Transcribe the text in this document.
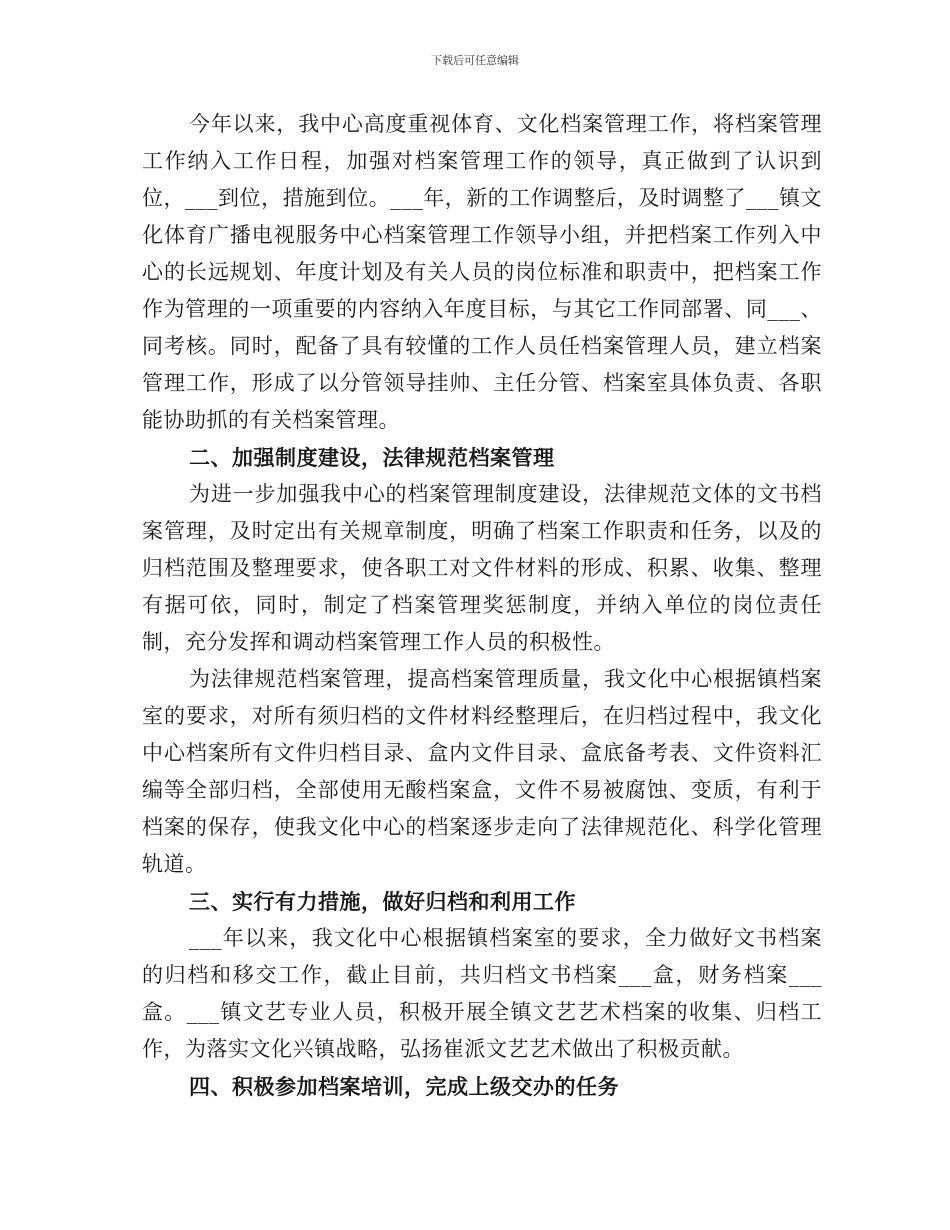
下载后可任意编辑

今年以来，我中心高度重视体育、文化档案管理工作，将档案管理工作纳入工作日程，加强对档案管理工作的领导，真正做到了认识到位，___到位，措施到位。___年，新的工作调整后，及时调整了___镇文化体育广播电视服务中心档案管理工作领导小组，并把档案工作列入中心的长远规划、年度计划及有关人员的岗位标准和职责中，把档案工作作为管理的一项重要的内容纳入年度目标，与其它工作同部署、同___、同考核。同时，配备了具有较懂的工作人员任档案管理人员，建立档案管理工作，形成了以分管领导挂帅、主任分管、档案室具体负责、各职能协助抓的有关档案管理。

二、加强制度建设，法律规范档案管理

为进一步加强我中心的档案管理制度建设，法律规范文体的文书档案管理，及时定出有关规章制度，明确了档案工作职责和任务，以及的归档范围及整理要求，使各职工对文件材料的形成、积累、收集、整理有据可依，同时，制定了档案管理奖惩制度，并纳入单位的岗位责任制，充分发挥和调动档案管理工作人员的积极性。

为法律规范档案管理，提高档案管理质量，我文化中心根据镇档案室的要求，对所有须归档的文件材料经整理后，在归档过程中，我文化中心档案所有文件归档目录、盒内文件目录、盒底备考表、文件资料汇编等全部归档，全部使用无酸档案盒，文件不易被腐蚀、变质，有利于档案的保存，使我文化中心的档案逐步走向了法律规范化、科学化管理轨道。

三、实行有力措施，做好归档和利用工作

___年以来，我文化中心根据镇档案室的要求，全力做好文书档案的归档和移交工作，截止目前，共归档文书档案___盒，财务档案___盒。___镇文艺专业人员，积极开展全镇文艺艺术档案的收集、归档工作，为落实文化兴镇战略，弘扬崔派文艺艺术做出了积极贡献。

四、积极参加档案培训，完成上级交办的任务
